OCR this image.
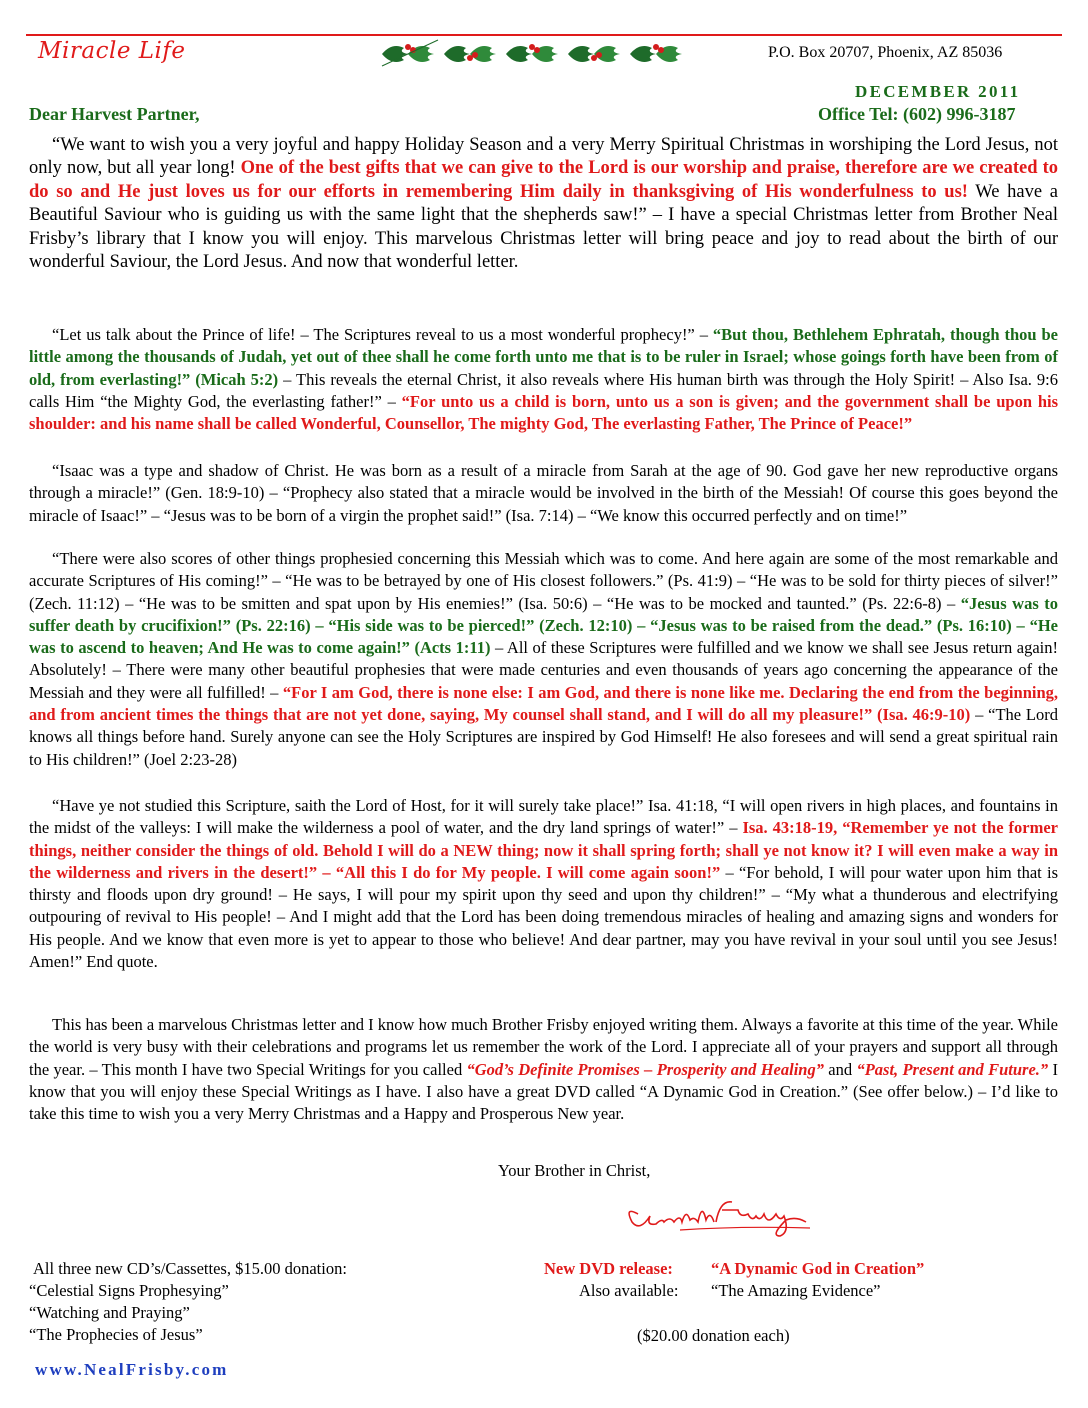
Miracle Life	P.O. Box 20707, Phoenix, AZ 85036
DECEMBER 2011
Dear Harvest Partner,	Office Tel: (602) 996-3187

“We want to wish you a very joyful and happy Holiday Season and a very Merry Spiritual Christmas in worshiping the Lord Jesus, not only now, but all year long! One of the best gifts that we can give to the Lord is our worship and praise, therefore are we created to do so and He just loves us for our efforts in remembering Him daily in thanksgiving of His wonderfulness to us! We have a Beautiful Saviour who is guiding us with the same light that the shepherds saw!” – I have a special Christmas letter from Brother Neal Frisby’s library that I know you will enjoy. This marvelous Christmas letter will bring peace and joy to read about the birth of our wonderful Saviour, the Lord Jesus. And now that wonderful letter.

“Let us talk about the Prince of life! – The Scriptures reveal to us a most wonderful prophecy!” – “But thou, Bethlehem Ephratah, though thou be little among the thousands of Judah, yet out of thee shall he come forth unto me that is to be ruler in Israel; whose goings forth have been from of old, from everlasting!” (Micah 5:2) – This reveals the eternal Christ, it also reveals where His human birth was through the Holy Spirit! – Also Isa. 9:6 calls Him “the Mighty God, the everlasting father!” – “For unto us a child is born, unto us a son is given; and the government shall be upon his shoulder: and his name shall be called Wonderful, Counsellor, The mighty God, The everlasting Father, The Prince of Peace!”

“Isaac was a type and shadow of Christ. He was born as a result of a miracle from Sarah at the age of 90. God gave her new reproductive organs through a miracle!” (Gen. 18:9-10) – “Prophecy also stated that a miracle would be involved in the birth of the Messiah! Of course this goes beyond the miracle of Isaac!” – “Jesus was to be born of a virgin the prophet said!” (Isa. 7:14) – “We know this occurred perfectly and on time!”

“There were also scores of other things prophesied concerning this Messiah which was to come. And here again are some of the most remarkable and accurate Scriptures of His coming!” – “He was to be betrayed by one of His closest followers.” (Ps. 41:9) – “He was to be sold for thirty pieces of silver!” (Zech. 11:12) – “He was to be smitten and spat upon by His enemies!” (Isa. 50:6) – “He was to be mocked and taunted.” (Ps. 22:6-8) – “Jesus was to suffer death by crucifixion!” (Ps. 22:16) – “His side was to be pierced!” (Zech. 12:10) – “Jesus was to be raised from the dead.” (Ps. 16:10) – “He was to ascend to heaven; And He was to come again!” (Acts 1:11) – All of these Scriptures were fulfilled and we know we shall see Jesus return again! Absolutely! – There were many other beautiful prophesies that were made centuries and even thousands of years ago concerning the appearance of the Messiah and they were all fulfilled! – “For I am God, there is none else: I am God, and there is none like me. Declaring the end from the beginning, and from ancient times the things that are not yet done, saying, My counsel shall stand, and I will do all my pleasure!” (Isa. 46:9-10) – “The Lord knows all things before hand. Surely anyone can see the Holy Scriptures are inspired by God Himself! He also foresees and will send a great spiritual rain to His children!” (Joel 2:23-28)

“Have ye not studied this Scripture, saith the Lord of Host, for it will surely take place!” Isa. 41:18, “I will open rivers in high places, and fountains in the midst of the valleys: I will make the wilderness a pool of water, and the dry land springs of water!” – Isa. 43:18-19, “Remember ye not the former things, neither consider the things of old. Behold I will do a NEW thing; now it shall spring forth; shall ye not know it? I will even make a way in the wilderness and rivers in the desert!” – “All this I do for My people. I will come again soon!” – “For behold, I will pour water upon him that is thirsty and floods upon dry ground! – He says, I will pour my spirit upon thy seed and upon thy children!” – “My what a thunderous and electrifying outpouring of revival to His people! – And I might add that the Lord has been doing tremendous miracles of healing and amazing signs and wonders for His people. And we know that even more is yet to appear to those who believe! And dear partner, may you have revival in your soul until you see Jesus! Amen!” End quote.

This has been a marvelous Christmas letter and I know how much Brother Frisby enjoyed writing them. Always a favorite at this time of the year. While the world is very busy with their celebrations and programs let us remember the work of the Lord. I appreciate all of your prayers and support all through the year. – This month I have two Special Writings for you called “God’s Definite Promises – Prosperity and Healing” and “Past, Present and Future.” I know that you will enjoy these Special Writings as I have. I also have a great DVD called “A Dynamic God in Creation.” (See offer below.) – I’d like to take this time to wish you a very Merry Christmas and a Happy and Prosperous New year.

Your Brother in Christ,
All three new CD’s/Cassettes, $15.00 donation:
“Celestial Signs Prophesying”
“Watching and Praying”
“The Prophecies of Jesus”
New DVD release: “A Dynamic God in Creation”
Also available: “The Amazing Evidence”
($20.00 donation each)
www.NealFrisby.com
